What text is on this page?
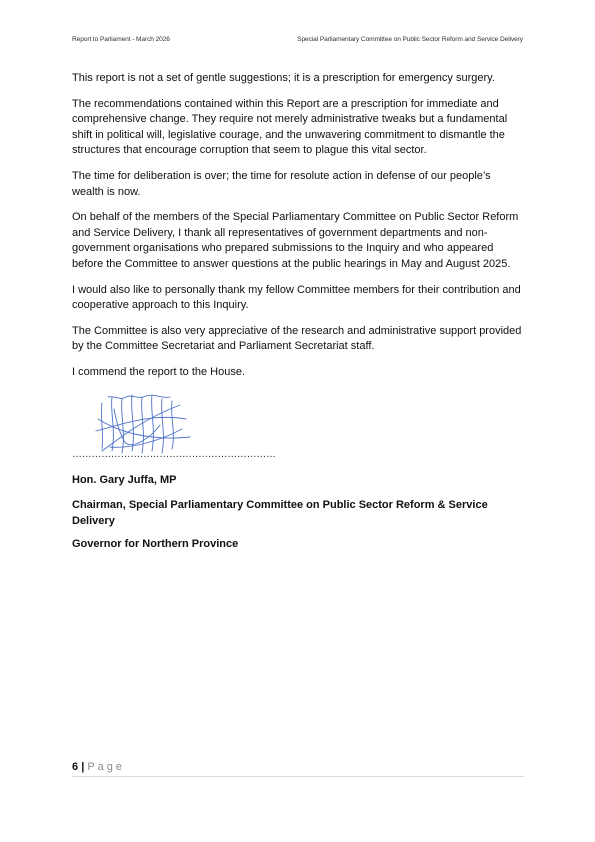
Report to Parliament - March 2026	Special Parliamentary Committee on Public Sector Reform and Service Delivery

This report is not a set of gentle suggestions; it is a prescription for emergency surgery.

The recommendations contained within this Report are a prescription for immediate and comprehensive change. They require not merely administrative tweaks but a fundamental shift in political will, legislative courage, and the unwavering commitment to dismantle the structures that encourage corruption that seem to plague this vital sector.

The time for deliberation is over; the time for resolute action in defense of our people’s wealth is now.

On behalf of the members of the Special Parliamentary Committee on Public Sector Reform and Service Delivery, I thank all representatives of government departments and non-government organisations who prepared submissions to the Inquiry and who appeared before the Committee to answer questions at the public hearings in May and August 2025.

I would also like to personally thank my fellow Committee members for their contribution and cooperative approach to this Inquiry.

The Committee is also very appreciative of the research and administrative support provided by the Committee Secretariat and Parliament Secretariat staff.

I commend the report to the House.

………………………………………………………
Hon. Gary Juffa, MP
Chairman, Special Parliamentary Committee on Public Sector Reform & Service Delivery
Governor for Northern Province
6 | Page
